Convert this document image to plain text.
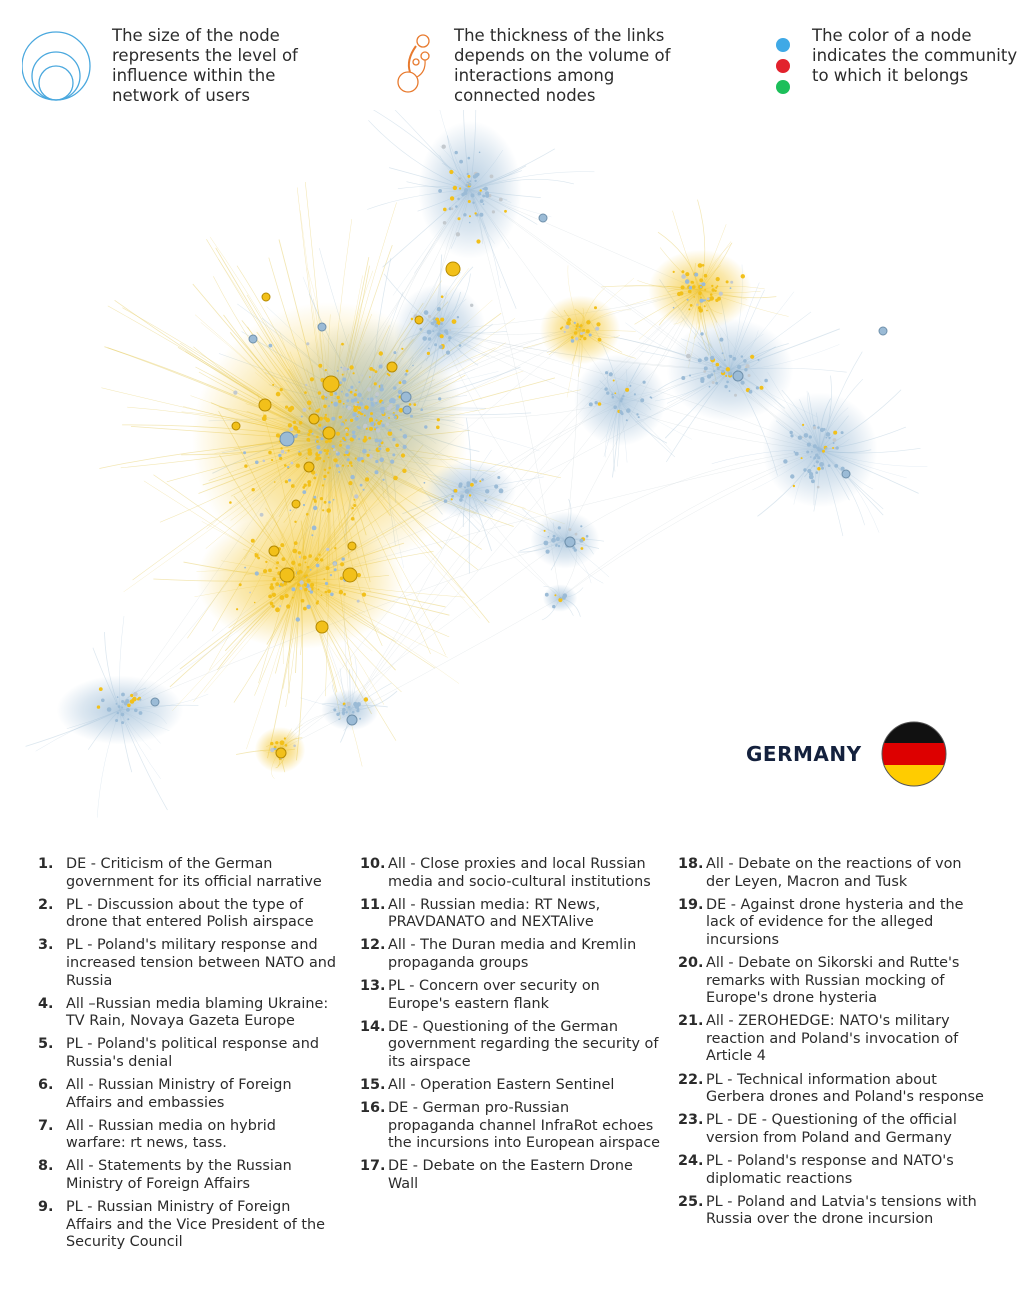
The size of the node represents the level of influence within the network of users
The thickness of the links depends on the volume of interactions among connected nodes
The color of a node indicates the community to which it belongs
GERMANY
1. DE - Criticism of the German government for its official narrative
2. PL - Discussion about the type of drone that entered Polish airspace
3. PL - Poland's military response and increased tension between NATO and Russia
4. All –Russian media blaming Ukraine: TV Rain, Novaya Gazeta Europe
5. PL - Poland's political response and Russia's denial
6. All - Russian Ministry of Foreign Affairs and embassies
7. All - Russian media on hybrid warfare: rt news, tass.
8. All - Statements by the Russian Ministry of Foreign Affairs
9. PL - Russian Ministry of Foreign Affairs and the Vice President of the Security Council
10. All - Close proxies and local Russian media and socio-cultural institutions
11. All - Russian media: RT News, PRAVDANATO and NEXTAlive
12. All - The Duran media and Kremlin propaganda groups
13. PL - Concern over security on Europe's eastern flank
14. DE - Questioning of the German government regarding the security of its airspace
15. All - Operation Eastern Sentinel
16. DE - German pro-Russian propaganda channel InfraRot echoes the incursions into European airspace
17. DE - Debate on the Eastern Drone Wall
18. All - Debate on the reactions of von der Leyen, Macron and Tusk
19. DE - Against drone hysteria and the lack of evidence for the alleged incursions
20. All - Debate on Sikorski and Rutte's remarks with Russian mocking of Europe's drone hysteria
21. All - ZEROHEDGE: NATO's military reaction and Poland's invocation of Article 4
22. PL - Technical information about Gerbera drones and Poland's response
23. PL - DE - Questioning of the official version from Poland and Germany
24. PL - Poland's response and NATO's diplomatic reactions
25. PL - Poland and Latvia's tensions with Russia over the drone incursion
